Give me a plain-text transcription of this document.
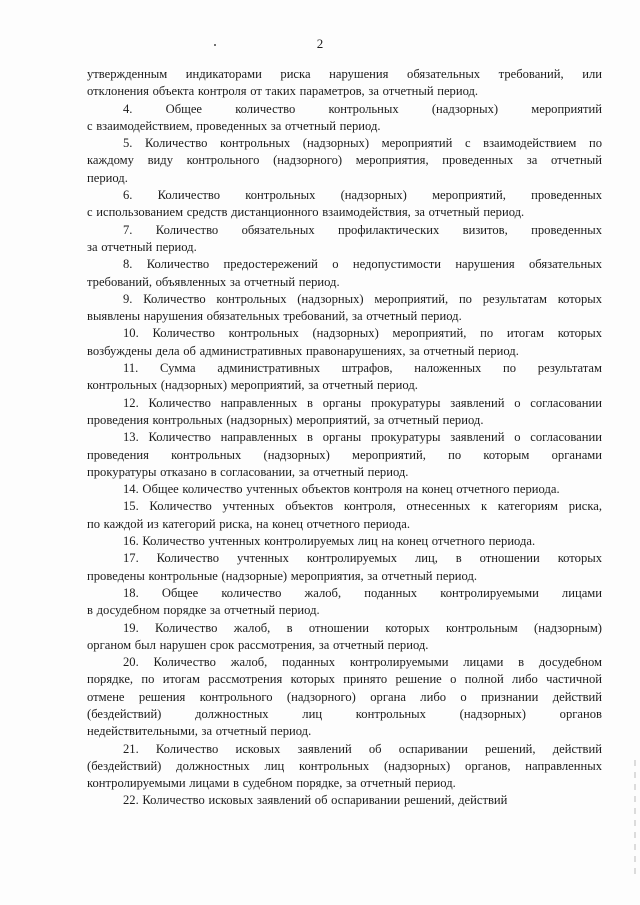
2
утвержденным индикаторами риска нарушения обязательных требований, или
отклонения объекта контроля от таких параметров, за отчетный период.
4. Общее количество контрольных (надзорных) мероприятий
с взаимодействием, проведенных за отчетный период.
5. Количество контрольных (надзорных) мероприятий с взаимодействием по
каждому виду контрольного (надзорного) мероприятия, проведенных за отчетный
период.
6. Количество контрольных (надзорных) мероприятий, проведенных
с использованием средств дистанционного взаимодействия, за отчетный период.
7. Количество обязательных профилактических визитов, проведенных
за отчетный период.
8. Количество предостережений о недопустимости нарушения обязательных
требований, объявленных за отчетный период.
9. Количество контрольных (надзорных) мероприятий, по результатам которых
выявлены нарушения обязательных требований, за отчетный период.
10. Количество контрольных (надзорных) мероприятий, по итогам которых
возбуждены дела об административных правонарушениях, за отчетный период.
11. Сумма административных штрафов, наложенных по результатам
контрольных (надзорных) мероприятий, за отчетный период.
12. Количество направленных в органы прокуратуры заявлений о согласовании
проведения контрольных (надзорных) мероприятий, за отчетный период.
13. Количество направленных в органы прокуратуры заявлений о согласовании
проведения контрольных (надзорных) мероприятий, по которым органами
прокуратуры отказано в согласовании, за отчетный период.
14. Общее количество учтенных объектов контроля на конец отчетного периода.
15. Количество учтенных объектов контроля, отнесенных к категориям риска,
по каждой из категорий риска, на конец отчетного периода.
16. Количество учтенных контролируемых лиц на конец отчетного периода.
17. Количество учтенных контролируемых лиц, в отношении которых
проведены контрольные (надзорные) мероприятия, за отчетный период.
18. Общее количество жалоб, поданных контролируемыми лицами
в досудебном порядке за отчетный период.
19. Количество жалоб, в отношении которых контрольным (надзорным)
органом был нарушен срок рассмотрения, за отчетный период.
20. Количество жалоб, поданных контролируемыми лицами в досудебном
порядке, по итогам рассмотрения которых принято решение о полной либо частичной
отмене решения контрольного (надзорного) органа либо о признании действий
(бездействий) должностных лиц контрольных (надзорных) органов
недействительными, за отчетный период.
21. Количество исковых заявлений об оспаривании решений, действий
(бездействий) должностных лиц контрольных (надзорных) органов, направленных
контролируемыми лицами в судебном порядке, за отчетный период.
22. Количество исковых заявлений об оспаривании решений, действий
